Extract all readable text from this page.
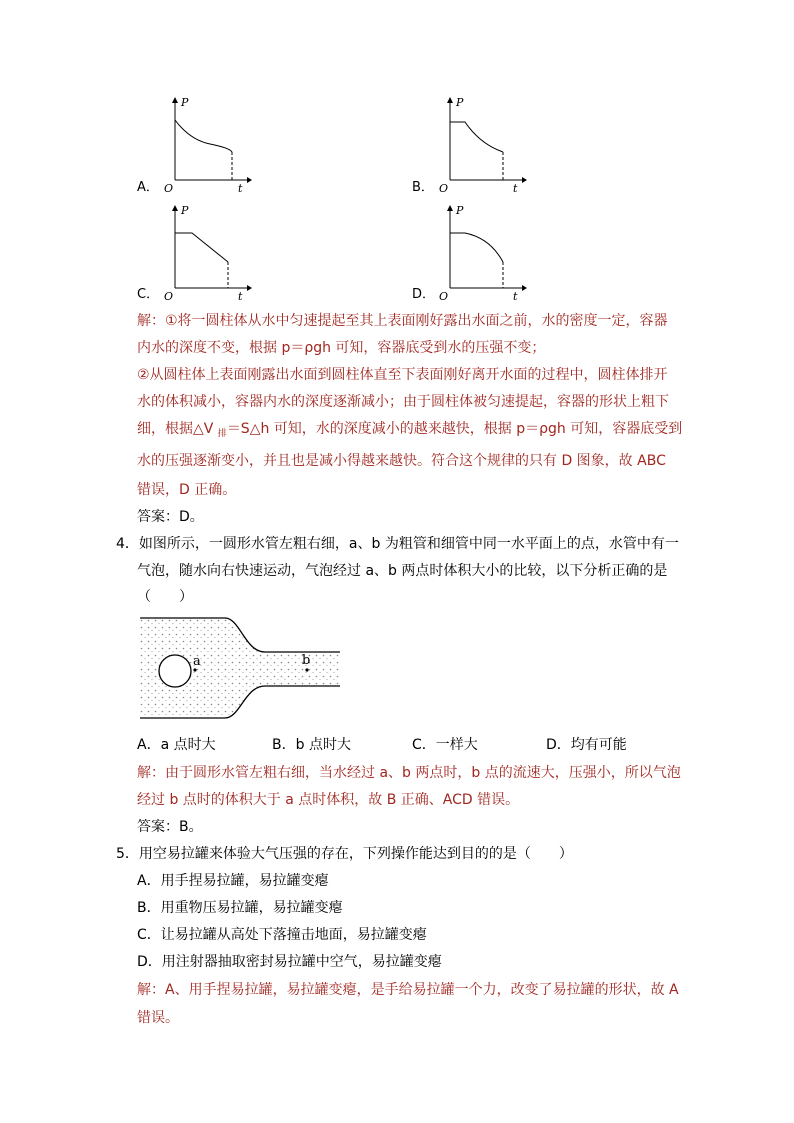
P
O	t
A．
P
O	t
B．
P
O	t
C．
P
O	t
D．
解：①将一圆柱体从水中匀速提起至其上表面刚好露出水面之前，水的密度一定，容器
内水的深度不变，根据 p＝ρgh 可知，容器底受到水的压强不变；
②从圆柱体上表面刚露出水面到圆柱体直至下表面刚好离开水面的过程中，圆柱体排开
水的体积减小，容器内水的深度逐渐减小；由于圆柱体被匀速提起，容器的形状上粗下
细，根据△V $_排$＝S△h 可知，水的深度减小的越来越快，根据 p＝ρgh 可知，容器底受到
水的压强逐渐变小，并且也是减小得越来越快。符合这个规律的只有 D 图象，故 ABC
错误，D 正确。
答案：D。
4．如图所示，一圆形水管左粗右细，a、b 为粗管和细管中同一水平面上的点，水管中有一
气泡，随水向右快速运动，气泡经过 a、b 两点时体积大小的比较，以下分析正确的是
（　　）
a	b
A．a 点时大	B．b 点时大	C．一样大	D．均有可能
解：由于圆形水管左粗右细，当水经过 a、b 两点时，b 点的流速大，压强小，所以气泡
经过 b 点时的体积大于 a 点时体积，故 B 正确、ACD 错误。
答案：B。
5．用空易拉罐来体验大气压强的存在，下列操作能达到目的的是（　　）
A．用手捏易拉罐，易拉罐变瘪
B．用重物压易拉罐，易拉罐变瘪
C．让易拉罐从高处下落撞击地面，易拉罐变瘪
D．用注射器抽取密封易拉罐中空气，易拉罐变瘪
解：A、用手捏易拉罐，易拉罐变瘪，是手给易拉罐一个力，改变了易拉罐的形状，故 A
错误。
